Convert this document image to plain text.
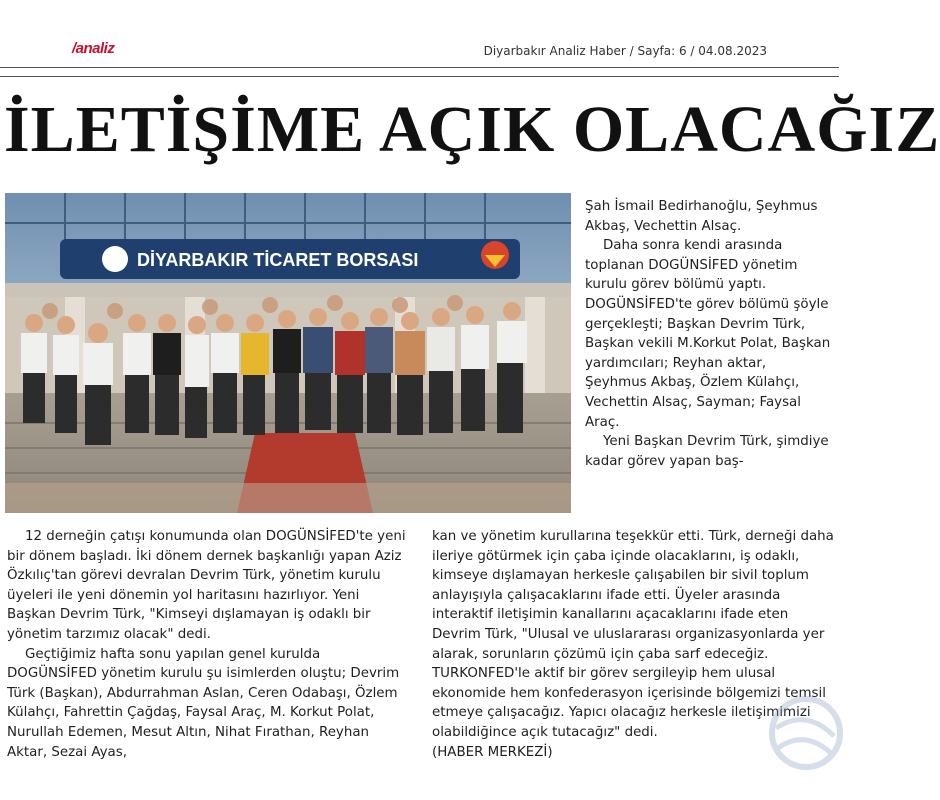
/analiz	Diyarbakır Analiz Haber / Sayfa: 6 / 04.08.2023
İLETİŞİME AÇIK OLACAĞIZ
DİYARBAKIR TİCARET BORSASI

Şah İsmail Bedirhanoğlu, Şeyhmus Akbaş, Vechettin Alsaç.

Daha sonra kendi arasında toplanan DOGÜNSİFED yönetim kurulu görev bölümü yaptı. DOGÜNSİFED'te görev bölümü şöyle gerçekleşti; Başkan Devrim Türk, Başkan vekili M.Korkut Polat, Başkan yardımcıları; Reyhan aktar, Şeyhmus Akbaş, Özlem Külahçı, Vechettin Alsaç, Sayman; Faysal Araç.

Yeni Başkan Devrim Türk, şimdiye kadar görev yapan baş-

12 derneğin çatışı konumunda olan DOGÜNSİFED'te yeni bir dönem başladı. İki dönem dernek başkanlığı yapan Aziz Özkılıç'tan görevi devralan Devrim Türk, yönetim kurulu üyeleri ile yeni dönemin yol haritasını hazırlıyor. Yeni Başkan Devrim Türk, "Kimseyi dışlamayan iş odaklı bir yönetim tarzımız olacak" dedi.

Geçtiğimiz hafta sonu yapılan genel kurulda DOGÜNSİFED yönetim kurulu şu isimlerden oluştu; Devrim Türk (Başkan), Abdurrahman Aslan, Ceren Odabaşı, Özlem Külahçı, Fahrettin Çağdaş, Faysal Araç, M. Korkut Polat, Nurullah Edemen, Mesut Altın, Nihat Fırathan, Reyhan Aktar, Sezai Ayas,

kan ve yönetim kurullarına teşekkür etti. Türk, derneği daha ileriye götürmek için çaba içinde olacaklarını, iş odaklı, kimseye dışlamayan herkesle çalışabilen bir sivil toplum anlayışıyla çalışacaklarını ifade etti. Üyeler arasında interaktif iletişimin kanallarını açacaklarını ifade eten Devrim Türk, "Ulusal ve uluslararası organizasyonlarda yer alarak, sorunların çözümü için çaba sarf edeceğiz. TURKONFED'le aktif bir görev sergileyip hem ulusal ekonomide hem konfederasyon içerisinde bölgemizi temsil etmeye çalışacağız. Yapıcı olacağız herkesle iletişimimizi olabildiğince açık tutacağız" dedi.

(HABER MERKEZİ)
